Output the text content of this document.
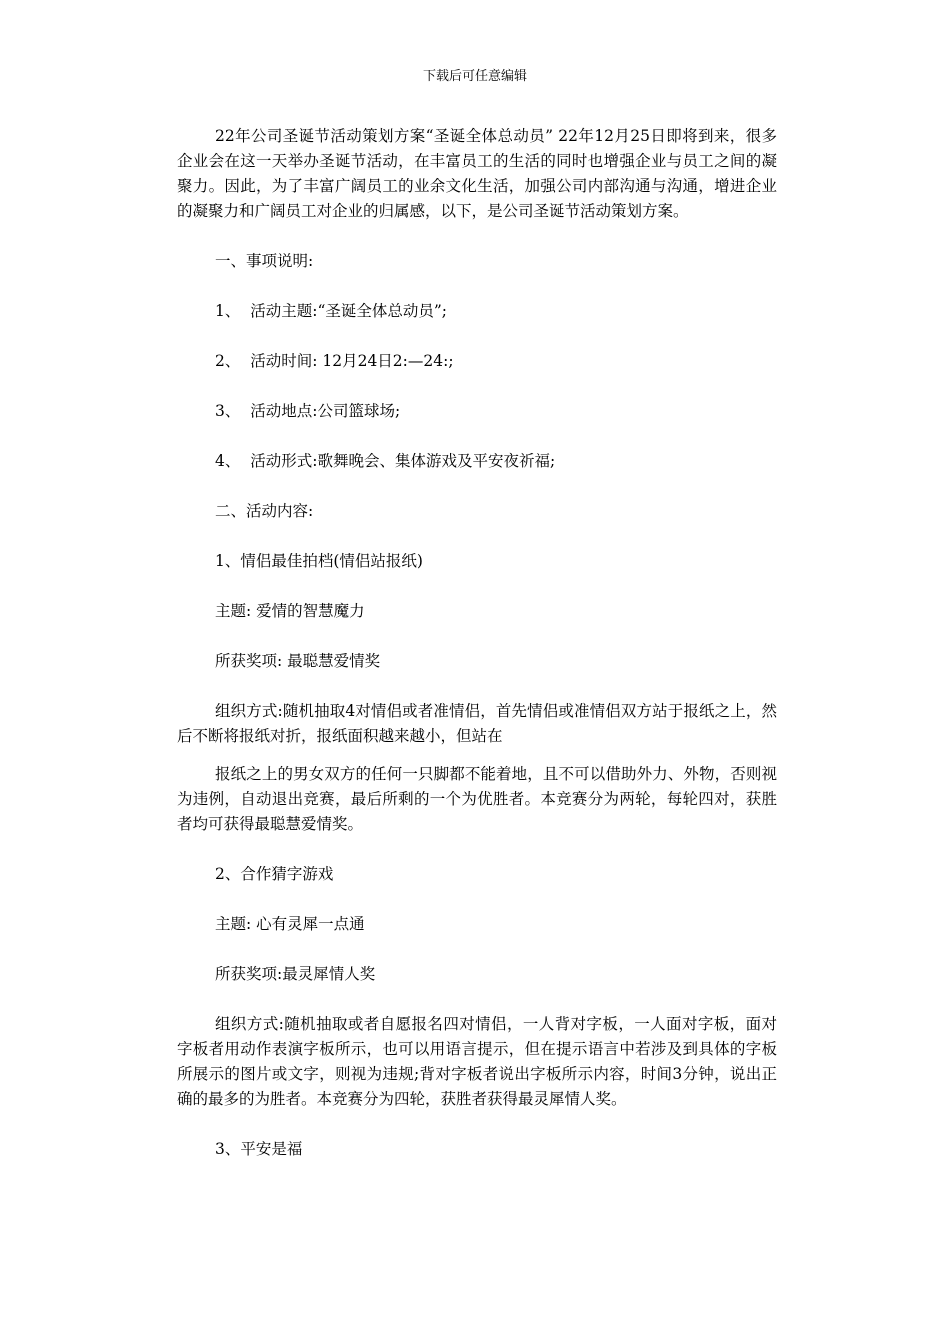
下载后可任意编辑

22年公司圣诞节活动策划方案“圣诞全体总动员” 22年12月25日即将到来，很多企业会在这一天举办圣诞节活动，在丰富员工的生活的同时也增强企业与员工之间的凝聚力。因此，为了丰富广阔员工的业余文化生活，加强公司内部沟通与沟通，增进企业的凝聚力和广阔员工对企业的归属感，以下，是公司圣诞节活动策划方案。

一、事项说明:

1、  活动主题:“圣诞全体总动员”;

2、  活动时间: 12月24日2:—24:;

3、  活动地点:公司篮球场;

4、  活动形式:歌舞晚会、集体游戏及平安夜祈福;

二、活动内容:

1、情侣最佳拍档(情侣站报纸)

主题: 爱情的智慧魔力

所获奖项: 最聪慧爱情奖

组织方式:随机抽取4对情侣或者准情侣，首先情侣或准情侣双方站于报纸之上，然后不断将报纸对折，报纸面积越来越小，但站在

报纸之上的男女双方的任何一只脚都不能着地，且不可以借助外力、外物，否则视为违例，自动退出竞赛，最后所剩的一个为优胜者。本竞赛分为两轮，每轮四对，获胜者均可获得最聪慧爱情奖。

2、合作猜字游戏

主题: 心有灵犀一点通

所获奖项:最灵犀情人奖

组织方式:随机抽取或者自愿报名四对情侣，一人背对字板，一人面对字板，面对字板者用动作表演字板所示，也可以用语言提示，但在提示语言中若涉及到具体的字板所展示的图片或文字，则视为违规;背对字板者说出字板所示内容，时间3分钟，说出正确的最多的为胜者。本竞赛分为四轮，获胜者获得最灵犀情人奖。

3、平安是福
